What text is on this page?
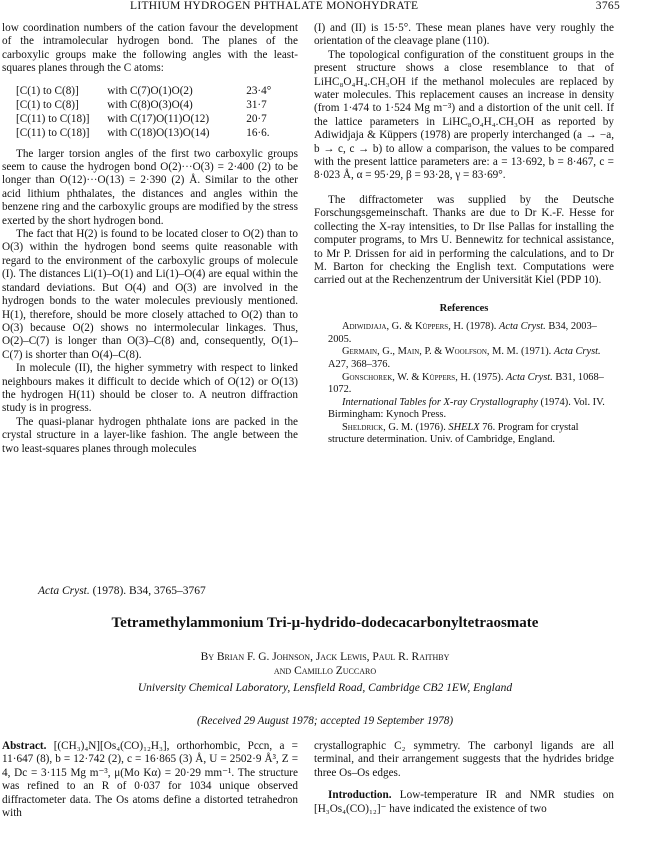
LITHIUM HYDROGEN PHTHALATE MONOHYDRATE	3765

low coordination numbers of the cation favour the development of the intramolecular hydrogen bond. The planes of the carboxylic groups make the following angles with the least-squares planes through the C atoms:

[C(1) to C(8)]	with C(7)O(1)O(2)	23·4°
[C(1) to C(8)]	with C(8)O(3)O(4)	31·7
[C(11) to C(18)]	with C(17)O(11)O(12)	20·7
[C(11) to C(18)]	with C(18)O(13)O(14)	16·6.

The larger torsion angles of the first two carboxylic groups seem to cause the hydrogen bond O(2)···O(3) = 2·400 (2) to be longer than O(12)···O(13) = 2·390 (2) Å. Similar to the other acid lithium phthalates, the distances and angles within the benzene ring and the carboxylic groups are modified by the stress exerted by the short hydrogen bond.

The fact that H(2) is found to be located closer to O(2) than to O(3) within the hydrogen bond seems quite reasonable with regard to the environment of the carboxylic groups of molecule (I). The distances Li(1)–O(1) and Li(1)–O(4) are equal within the standard deviations. But O(4) and O(3) are involved in the hydrogen bonds to the water molecules previously mentioned. H(1), therefore, should be more closely attached to O(2) than to O(3) because O(2) shows no intermolecular linkages. Thus, O(2)–C(7) is longer than O(3)–C(8) and, consequently, O(1)–C(7) is shorter than O(4)–C(8).

In molecule (II), the higher symmetry with respect to linked neighbours makes it difficult to decide which of O(12) or O(13) the hydrogen H(11) should be closer to. A neutron diffraction study is in progress.

The quasi-planar hydrogen phthalate ions are packed in the crystal structure in a layer-like fashion. The angle between the two least-squares planes through molecules

(I) and (II) is 15·5°. These mean planes have very roughly the orientation of the cleavage plane (110).

The topological configuration of the constituent groups in the present structure shows a close resemblance to that of LiHC₈O₄H₄.CH₃OH if the methanol molecules are replaced by water molecules. This replacement causes an increase in density (from 1·474 to 1·524 Mg m⁻³) and a distortion of the unit cell. If the lattice parameters in LiHC₈O₄H₄.CH₃OH as reported by Adiwidjaja & Küppers (1978) are properly interchanged (a → −a, b → c, c → b) to allow a comparison, the values to be compared with the present lattice parameters are: a = 13·692, b = 8·467, c = 8·023 Å, α = 95·29, β = 93·28, γ = 83·69°.

The diffractometer was supplied by the Deutsche Forschungsgemeinschaft. Thanks are due to Dr K.-F. Hesse for collecting the X-ray intensities, to Dr Ilse Pallas for installing the computer programs, to Mrs U. Bennewitz for technical assistance, to Mr P. Drissen for aid in performing the calculations, and to Dr M. Barton for checking the English text. Computations were carried out at the Rechenzentrum der Universität Kiel (PDP 10).

References

Adiwidjaja, G. & Küppers, H. (1978). Acta Cryst. B34, 2003–2005.

Germain, G., Main, P. & Woolfson, M. M. (1971). Acta Cryst. A27, 368–376.

Gonschorek, W. & Küppers, H. (1975). Acta Cryst. B31, 1068–1072.

International Tables for X-ray Crystallography (1974). Vol. IV. Birmingham: Kynoch Press.

Sheldrick, G. M. (1976). SHELX 76. Program for crystal structure determination. Univ. of Cambridge, England.

Acta Cryst. (1978). B34, 3765–3767
Tetramethylammonium Tri-μ-hydrido-dodecacarbonyltetraosmate
By Brian F. G. Johnson, Jack Lewis, Paul R. Raithby
and Camillo Zuccaro
University Chemical Laboratory, Lensfield Road, Cambridge CB2 1EW, England
(Received 29 August 1978; accepted 19 September 1978)

Abstract. [(CH₃)₄N][Os₄(CO)₁₂H₃], orthorhombic, Pccn, a = 11·647 (8), b = 12·742 (2), c = 16·865 (3) Å, U = 2502·9 Å³, Z = 4, Dc = 3·115 Mg m⁻³, μ(Mo Kα) = 20·29 mm⁻¹. The structure was refined to an R of 0·037 for 1034 unique observed diffractometer data. The Os atoms define a distorted tetrahedron with

crystallographic C₂ symmetry. The carbonyl ligands are all terminal, and their arrangement suggests that the hydrides bridge three Os–Os edges.

Introduction. Low-temperature IR and NMR studies on [H₃Os₄(CO)₁₂]⁻ have indicated the existence of two
